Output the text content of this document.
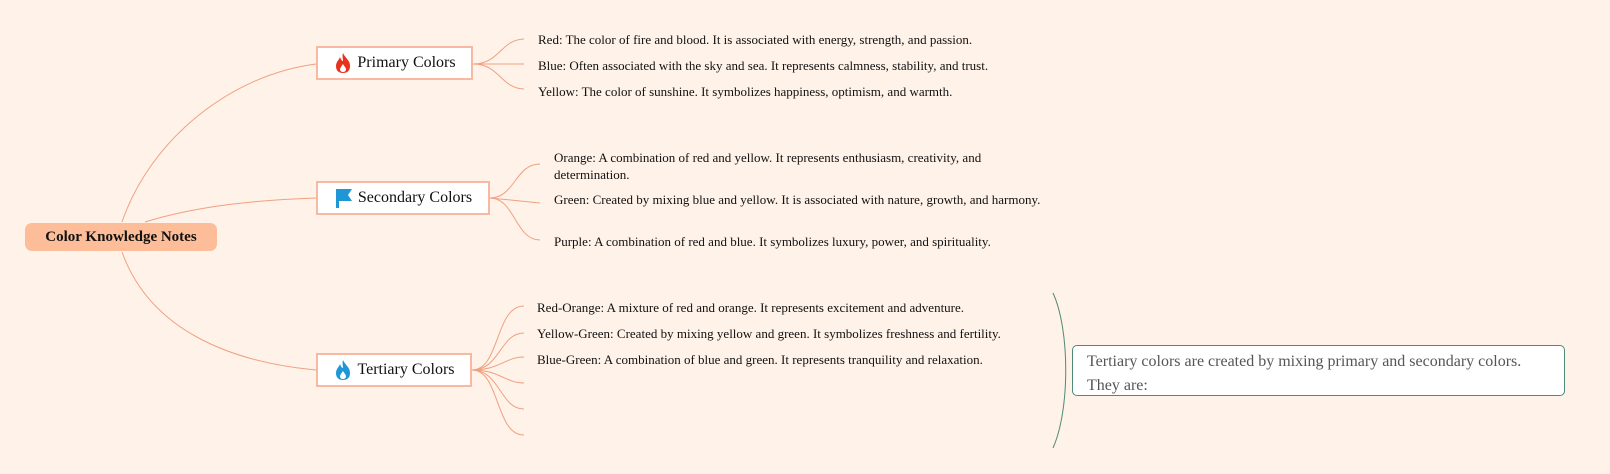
Color Knowledge Notes
Primary Colors
Secondary Colors
Tertiary Colors
Red: The color of fire and blood. It is associated with energy, strength, and passion.
Blue: Often associated with the sky and sea. It represents calmness, stability, and trust.
Yellow: The color of sunshine. It symbolizes happiness, optimism, and warmth.
Orange: A combination of red and yellow. It represents enthusiasm, creativity, and determination.
Green: Created by mixing blue and yellow. It is associated with nature, growth, and harmony.
Purple: A combination of red and blue. It symbolizes luxury, power, and spirituality.
Red-Orange: A mixture of red and orange. It represents excitement and adventure.
Yellow-Green: Created by mixing yellow and green. It symbolizes freshness and fertility.
Blue-Green: A combination of blue and green. It represents tranquility and relaxation.	Tertiary colors are created by mixing primary and secondary colors. They are:
